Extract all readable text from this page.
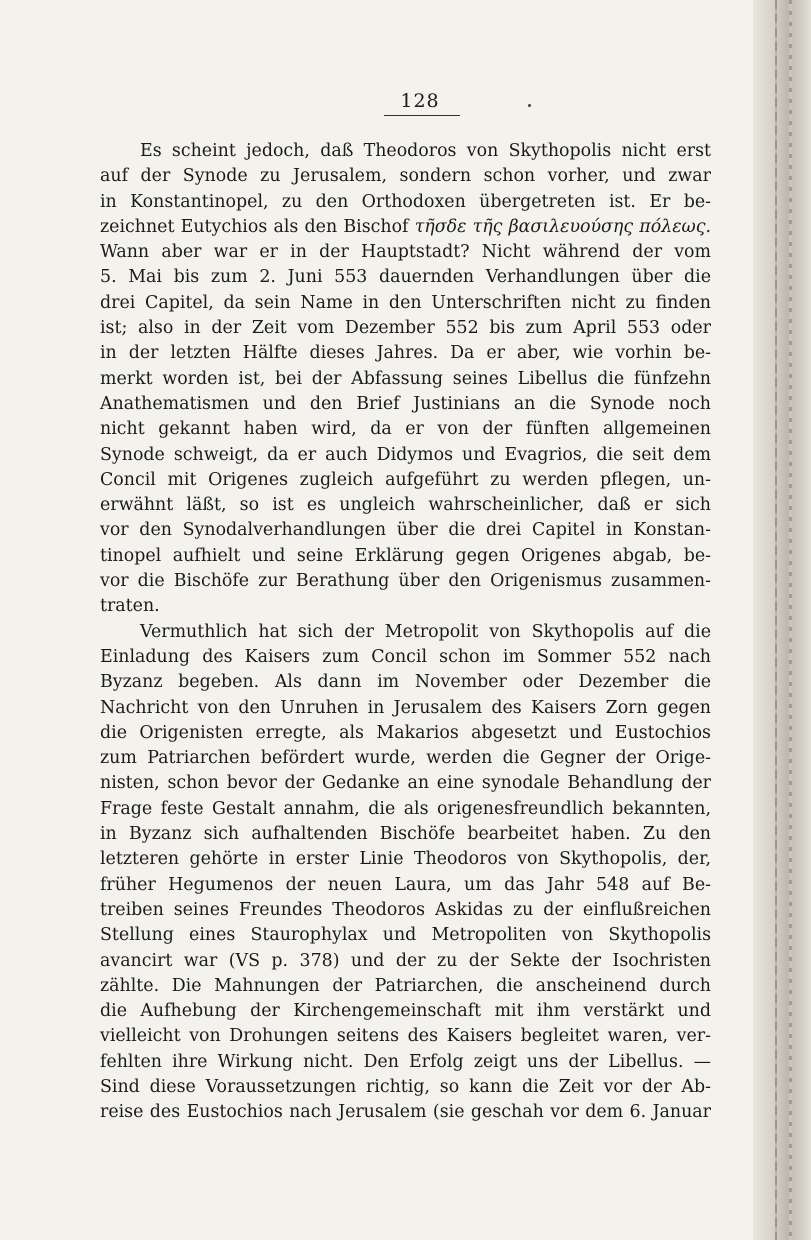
128
Es scheint jedoch, daß Theodoros von Skythopolis nicht erst
auf der Synode zu Jerusalem, sondern schon vorher, und zwar
in Konstantinopel, zu den Orthodoxen übergetreten ist. Er be-
zeichnet Eutychios als den Bischof τῆσδε τῆς βασιλευούσης πόλεως.
Wann aber war er in der Hauptstadt? Nicht während der vom
5. Mai bis zum 2. Juni 553 dauernden Verhandlungen über die
drei Capitel, da sein Name in den Unterschriften nicht zu finden
ist; also in der Zeit vom Dezember 552 bis zum April 553 oder
in der letzten Hälfte dieses Jahres. Da er aber, wie vorhin be-
merkt worden ist, bei der Abfassung seines Libellus die fünfzehn
Anathematismen und den Brief Justinians an die Synode noch
nicht gekannt haben wird, da er von der fünften allgemeinen
Synode schweigt, da er auch Didymos und Evagrios, die seit dem
Concil mit Origenes zugleich aufgeführt zu werden pflegen, un-
erwähnt läßt, so ist es ungleich wahrscheinlicher, daß er sich
vor den Synodalverhandlungen über die drei Capitel in Konstan-
tinopel aufhielt und seine Erklärung gegen Origenes abgab, be-
vor die Bischöfe zur Berathung über den Origenismus zusammen-
traten.
Vermuthlich hat sich der Metropolit von Skythopolis auf die
Einladung des Kaisers zum Concil schon im Sommer 552 nach
Byzanz begeben. Als dann im November oder Dezember die
Nachricht von den Unruhen in Jerusalem des Kaisers Zorn gegen
die Origenisten erregte, als Makarios abgesetzt und Eustochios
zum Patriarchen befördert wurde, werden die Gegner der Orige-
nisten, schon bevor der Gedanke an eine synodale Behandlung der
Frage feste Gestalt annahm, die als origenesfreundlich bekannten,
in Byzanz sich aufhaltenden Bischöfe bearbeitet haben. Zu den
letzteren gehörte in erster Linie Theodoros von Skythopolis, der,
früher Hegumenos der neuen Laura, um das Jahr 548 auf Be-
treiben seines Freundes Theodoros Askidas zu der einflußreichen
Stellung eines Staurophylax und Metropoliten von Skythopolis
avancirt war (VS p. 378) und der zu der Sekte der Isochristen
zählte. Die Mahnungen der Patriarchen, die anscheinend durch
die Aufhebung der Kirchengemeinschaft mit ihm verstärkt und
vielleicht von Drohungen seitens des Kaisers begleitet waren, ver-
fehlten ihre Wirkung nicht. Den Erfolg zeigt uns der Libellus. —
Sind diese Voraussetzungen richtig, so kann die Zeit vor der Ab-
reise des Eustochios nach Jerusalem (sie geschah vor dem 6. Januar
